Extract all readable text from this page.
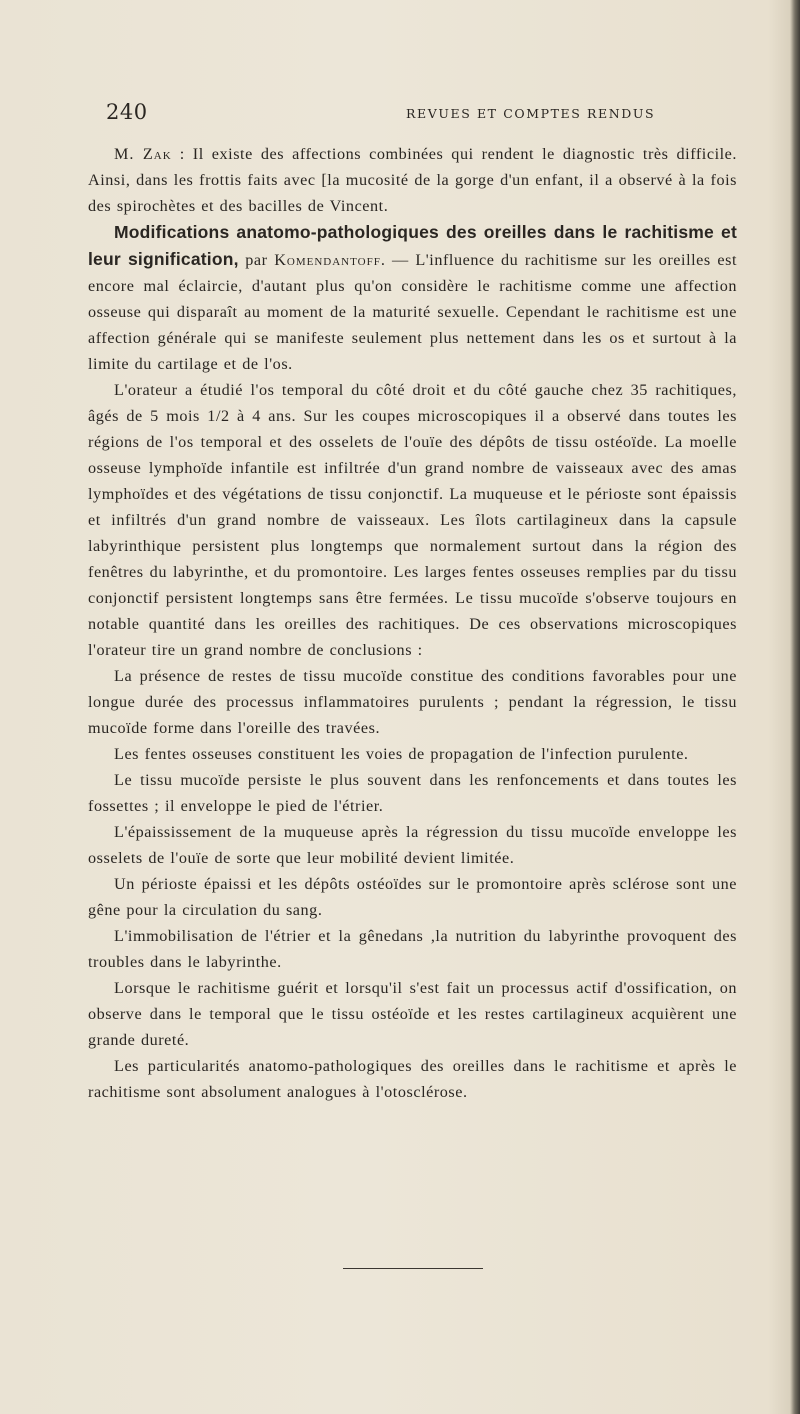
240	REVUES ET COMPTES RENDUS

M. Zak : Il existe des affections combinées qui rendent le diagnostic très difficile. Ainsi, dans les frottis faits avec [la mucosité de la gorge d'un enfant, il a observé à la fois des spirochètes et des bacilles de Vincent.

Modifications anatomo-pathologiques des oreilles dans le rachitisme et leur signification, par Komendantoff. — L'influence du rachitisme sur les oreilles est encore mal éclaircie, d'autant plus qu'on considère le rachitisme comme une affection osseuse qui disparaît au moment de la maturité sexuelle. Cependant le rachitisme est une affection générale qui se manifeste seulement plus nettement dans les os et surtout à la limite du cartilage et de l'os.

L'orateur a étudié l'os temporal du côté droit et du côté gauche chez 35 rachitiques, âgés de 5 mois 1/2 à 4 ans. Sur les coupes microscopiques il a observé dans toutes les régions de l'os temporal et des osselets de l'ouïe des dépôts de tissu ostéoïde. La moelle osseuse lymphoïde infantile est infiltrée d'un grand nombre de vaisseaux avec des amas lymphoïdes et des végétations de tissu conjonctif. La muqueuse et le périoste sont épaissis et infiltrés d'un grand nombre de vaisseaux. Les îlots cartilagineux dans la capsule labyrinthique persistent plus longtemps que normalement surtout dans la région des fenêtres du labyrinthe, et du promontoire. Les larges fentes osseuses remplies par du tissu conjonctif persistent longtemps sans être fermées. Le tissu mucoïde s'observe toujours en notable quantité dans les oreilles des rachitiques. De ces observations microscopiques l'orateur tire un grand nombre de conclusions :

La présence de restes de tissu mucoïde constitue des conditions favorables pour une longue durée des processus inflammatoires purulents ; pendant la régression, le tissu mucoïde forme dans l'oreille des travées.

Les fentes osseuses constituent les voies de propagation de l'infection purulente.

Le tissu mucoïde persiste le plus souvent dans les renfoncements et dans toutes les fossettes ; il enveloppe le pied de l'étrier.

L'épaississement de la muqueuse après la régression du tissu mucoïde enveloppe les osselets de l'ouïe de sorte que leur mobilité devient limitée.

Un périoste épaissi et les dépôts ostéoïdes sur le promontoire après sclérose sont une gêne pour la circulation du sang.

L'immobilisation de l'étrier et la gênedans ,la nutrition du labyrinthe provoquent des troubles dans le labyrinthe.

Lorsque le rachitisme guérit et lorsqu'il s'est fait un processus actif d'ossification, on observe dans le temporal que le tissu ostéoïde et les restes cartilagineux acquièrent une grande dureté.

Les particularités anatomo-pathologiques des oreilles dans le rachitisme et après le rachitisme sont absolument analogues à l'otosclérose.
